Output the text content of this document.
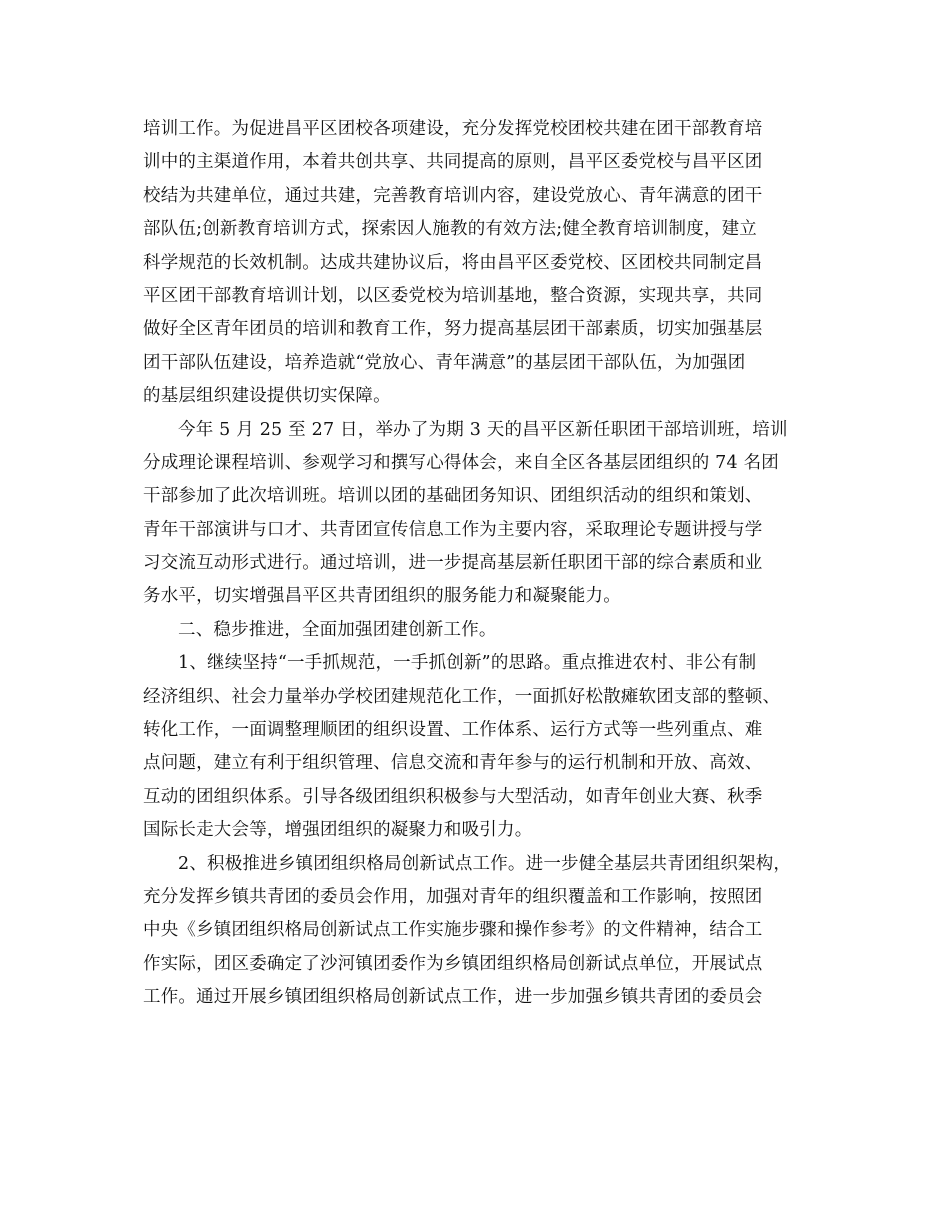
培训工作。为促进昌平区团校各项建设，充分发挥党校团校共建在团干部教育培
训中的主渠道作用，本着共创共享、共同提高的原则，昌平区委党校与昌平区团
校结为共建单位，通过共建，完善教育培训内容，建设党放心、青年满意的团干
部队伍;创新教育培训方式，探索因人施教的有效方法;健全教育培训制度，建立
科学规范的长效机制。达成共建协议后，将由昌平区委党校、区团校共同制定昌
平区团干部教育培训计划，以区委党校为培训基地，整合资源，实现共享，共同
做好全区青年团员的培训和教育工作，努力提高基层团干部素质，切实加强基层
团干部队伍建设，培养造就“党放心、青年满意”的基层团干部队伍，为加强团
的基层组织建设提供切实保障。
今年 5 月 25 至 27 日，举办了为期 3 天的昌平区新任职团干部培训班，培训
分成理论课程培训、参观学习和撰写心得体会，来自全区各基层团组织的 74 名团
干部参加了此次培训班。培训以团的基础团务知识、团组织活动的组织和策划、
青年干部演讲与口才、共青团宣传信息工作为主要内容，采取理论专题讲授与学
习交流互动形式进行。通过培训，进一步提高基层新任职团干部的综合素质和业
务水平，切实增强昌平区共青团组织的服务能力和凝聚能力。
二、稳步推进，全面加强团建创新工作。
1、继续坚持“一手抓规范，一手抓创新”的思路。重点推进农村、非公有制
经济组织、社会力量举办学校团建规范化工作，一面抓好松散瘫软团支部的整顿、
转化工作，一面调整理顺团的组织设置、工作体系、运行方式等一些列重点、难
点问题，建立有利于组织管理、信息交流和青年参与的运行机制和开放、高效、
互动的团组织体系。引导各级团组织积极参与大型活动，如青年创业大赛、秋季
国际长走大会等，增强团组织的凝聚力和吸引力。
2、积极推进乡镇团组织格局创新试点工作。进一步健全基层共青团组织架构，
充分发挥乡镇共青团的委员会作用，加强对青年的组织覆盖和工作影响，按照团
中央《乡镇团组织格局创新试点工作实施步骤和操作参考》的文件精神，结合工
作实际，团区委确定了沙河镇团委作为乡镇团组织格局创新试点单位，开展试点
工作。通过开展乡镇团组织格局创新试点工作，进一步加强乡镇共青团的委员会
